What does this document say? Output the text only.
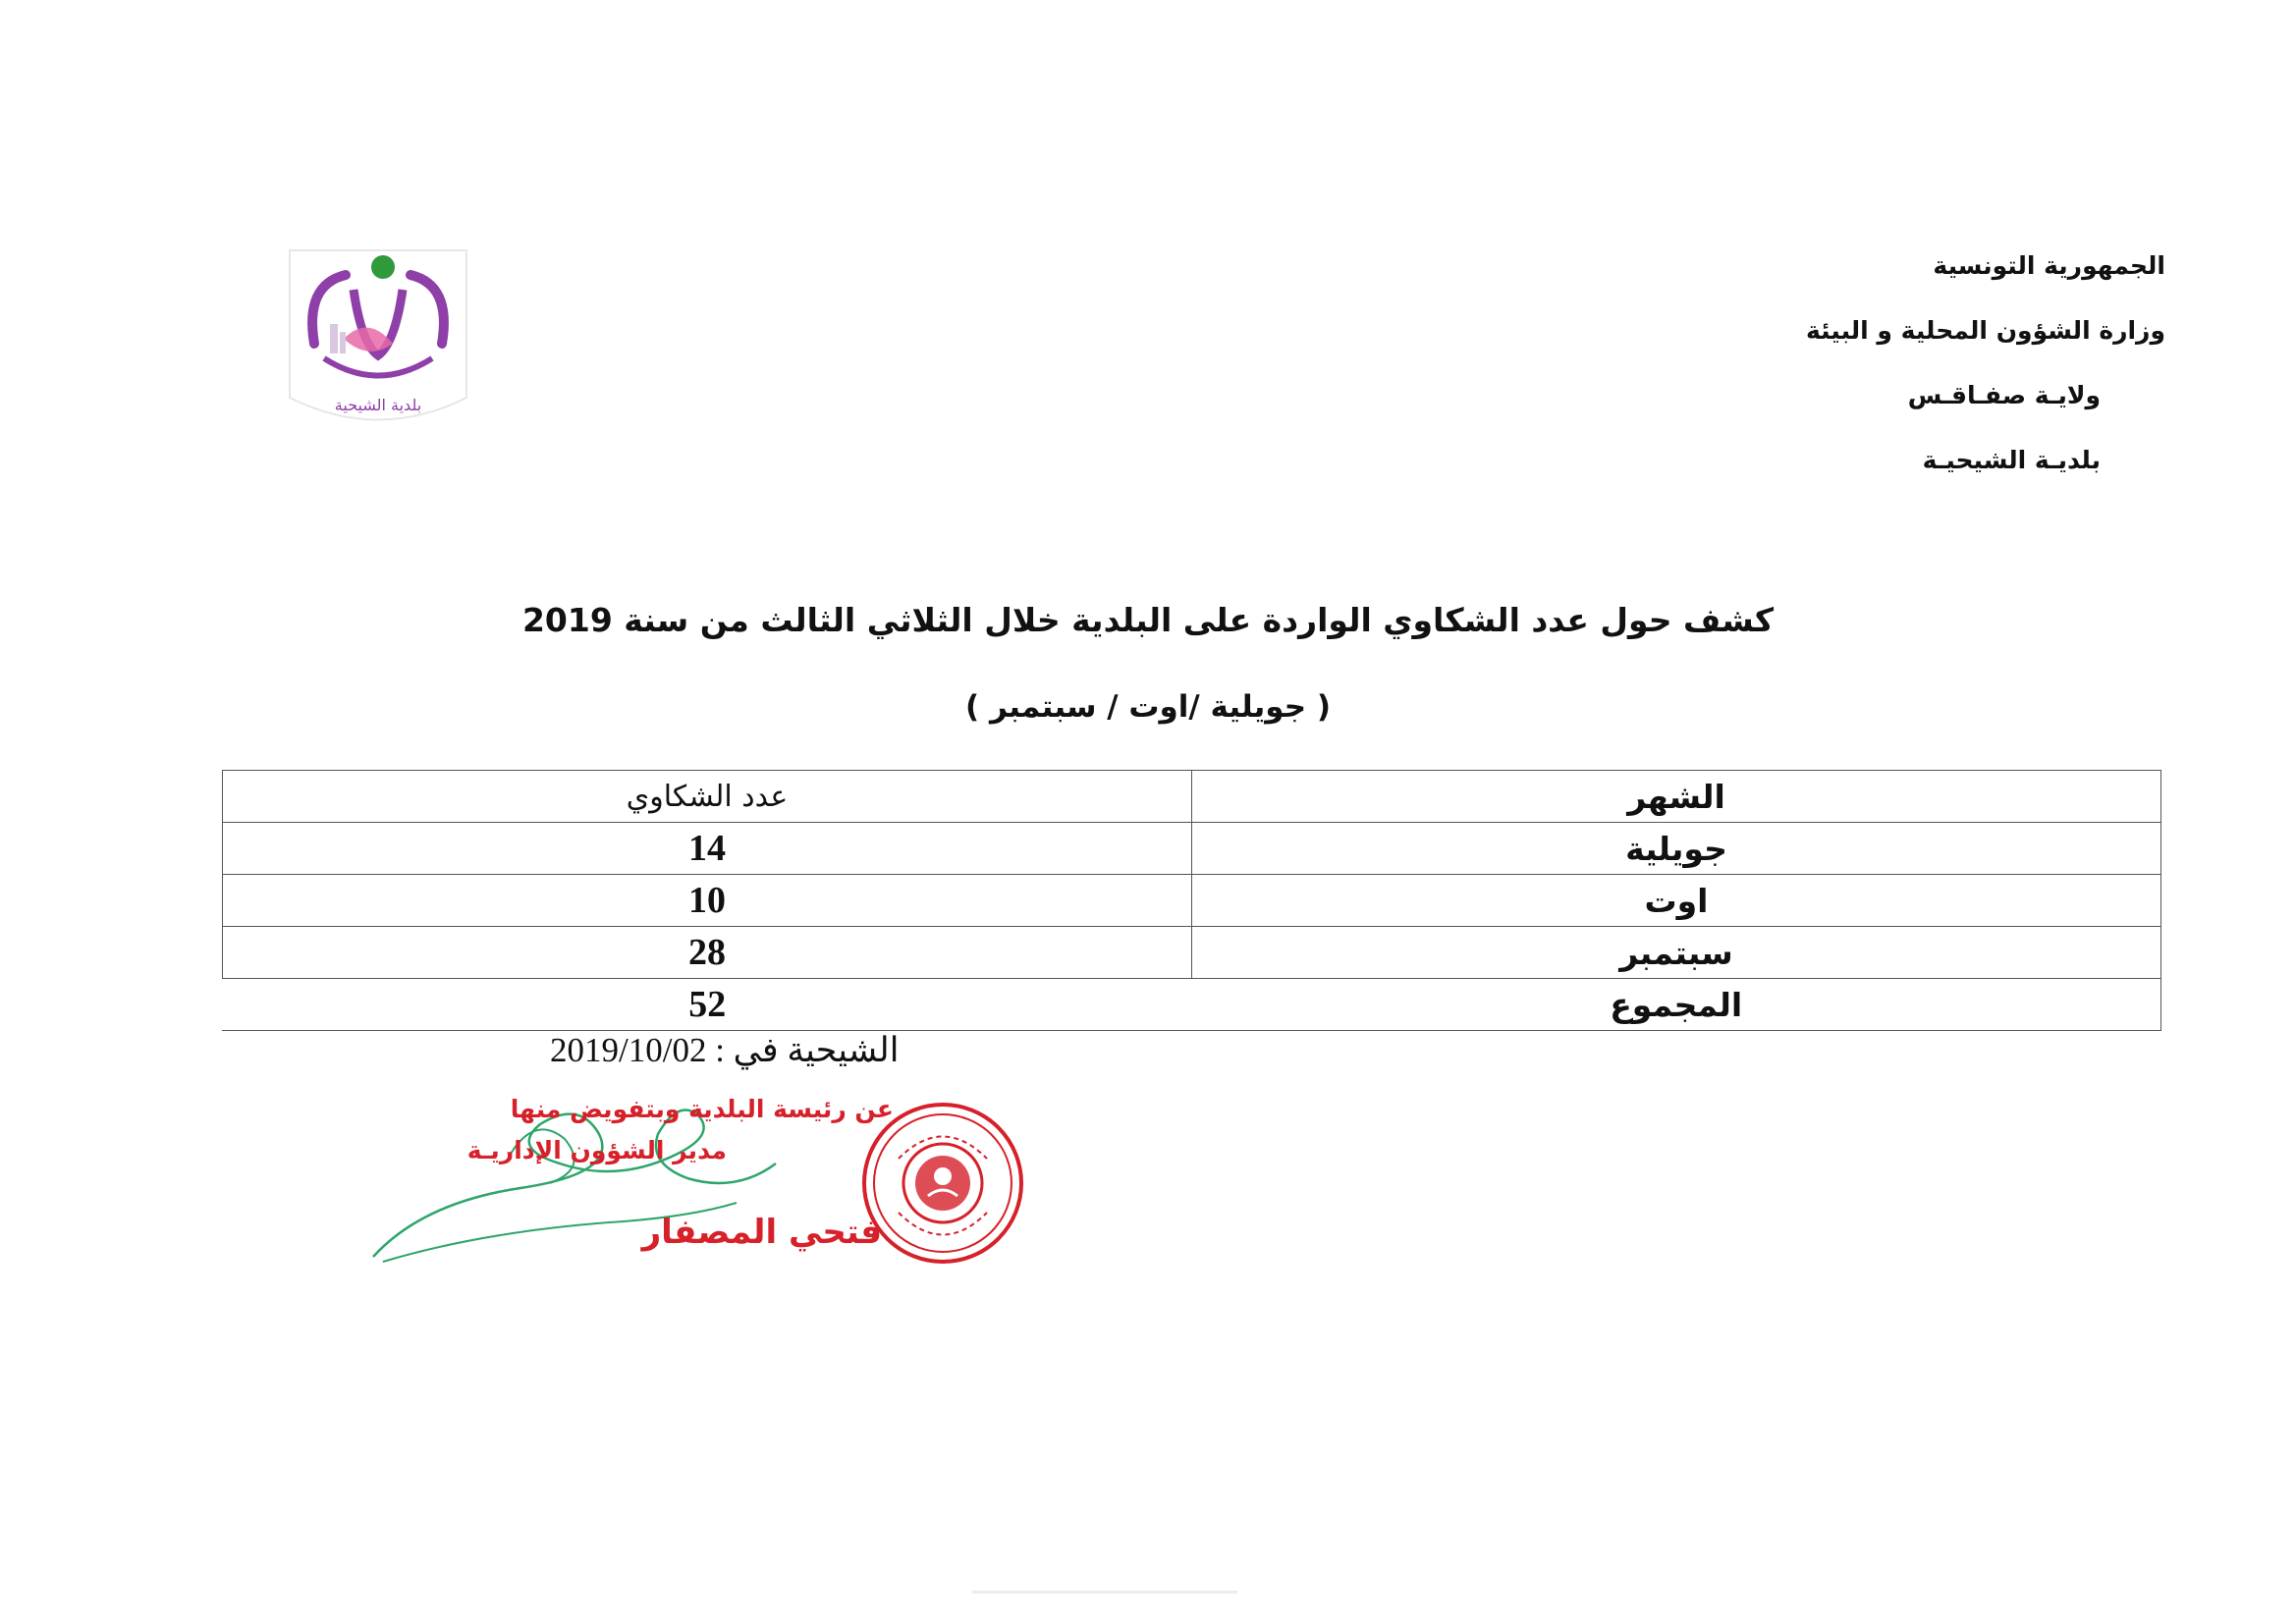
الجمهورية التونسية
وزارة الشؤون المحلية و البيئة
ولايـة صفـاقـس
بلديـة الشيحيـة
بلدية الشيحية
كشف حول عدد الشكاوي الواردة على البلدية خلال الثلاثي الثالث من سنة 2019
( جويلية /اوت / سبتمبر )
عدد الشكاوي	الشهر
14	جويلية
10	اوت
28	سبتمبر
52	المجموع
الشيحية في : 2019/10/02
عن رئيسة البلدية وبتفويض منها
مدير الشؤون الإداريـة
فتحي المصفار
